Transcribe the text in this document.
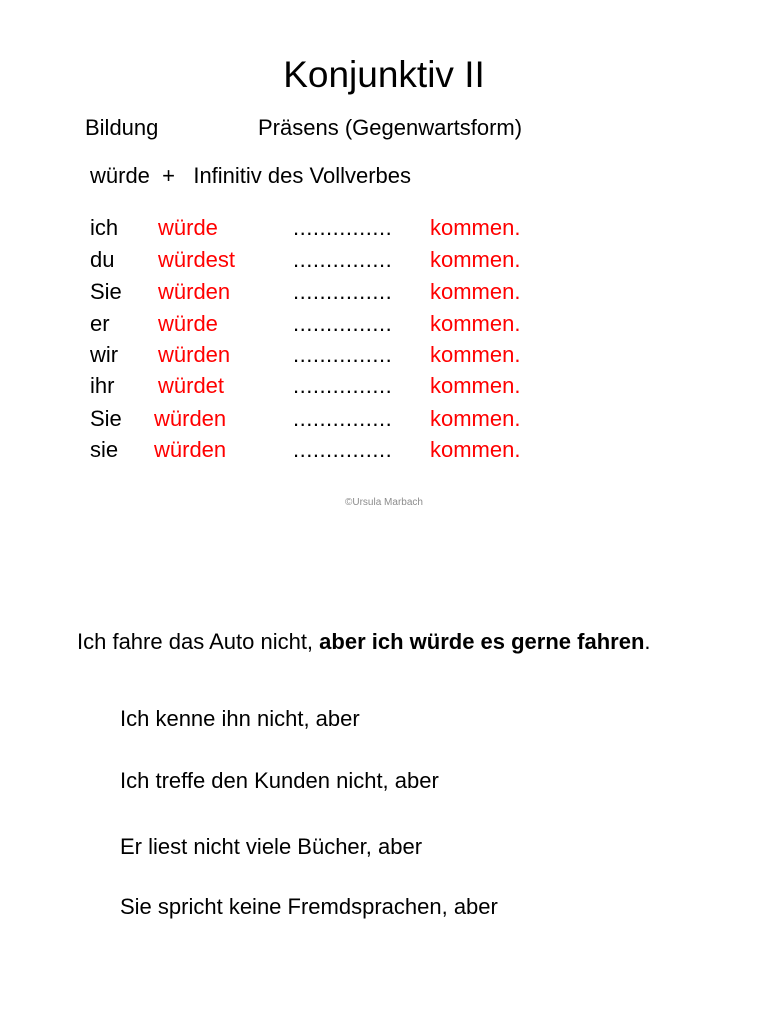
Konjunktiv II
Bildung	Präsens (Gegenwartsform)
würde  +   Infinitiv des Vollverbes
ich würde	............... kommen.
du würdest	............... kommen.
Sie würden	............... kommen.
er würde	............... kommen.
wir würden	............... kommen.
ihr würdet	............... kommen.
Sie würden	............... kommen.
sie würden	............... kommen.
©Ursula Marbach
Ich fahre das Auto nicht, aber ich würde es gerne fahren.
Ich kenne ihn nicht, aber
Ich treffe den Kunden nicht, aber
Er liest nicht viele Bücher, aber
Sie spricht keine Fremdsprachen, aber
